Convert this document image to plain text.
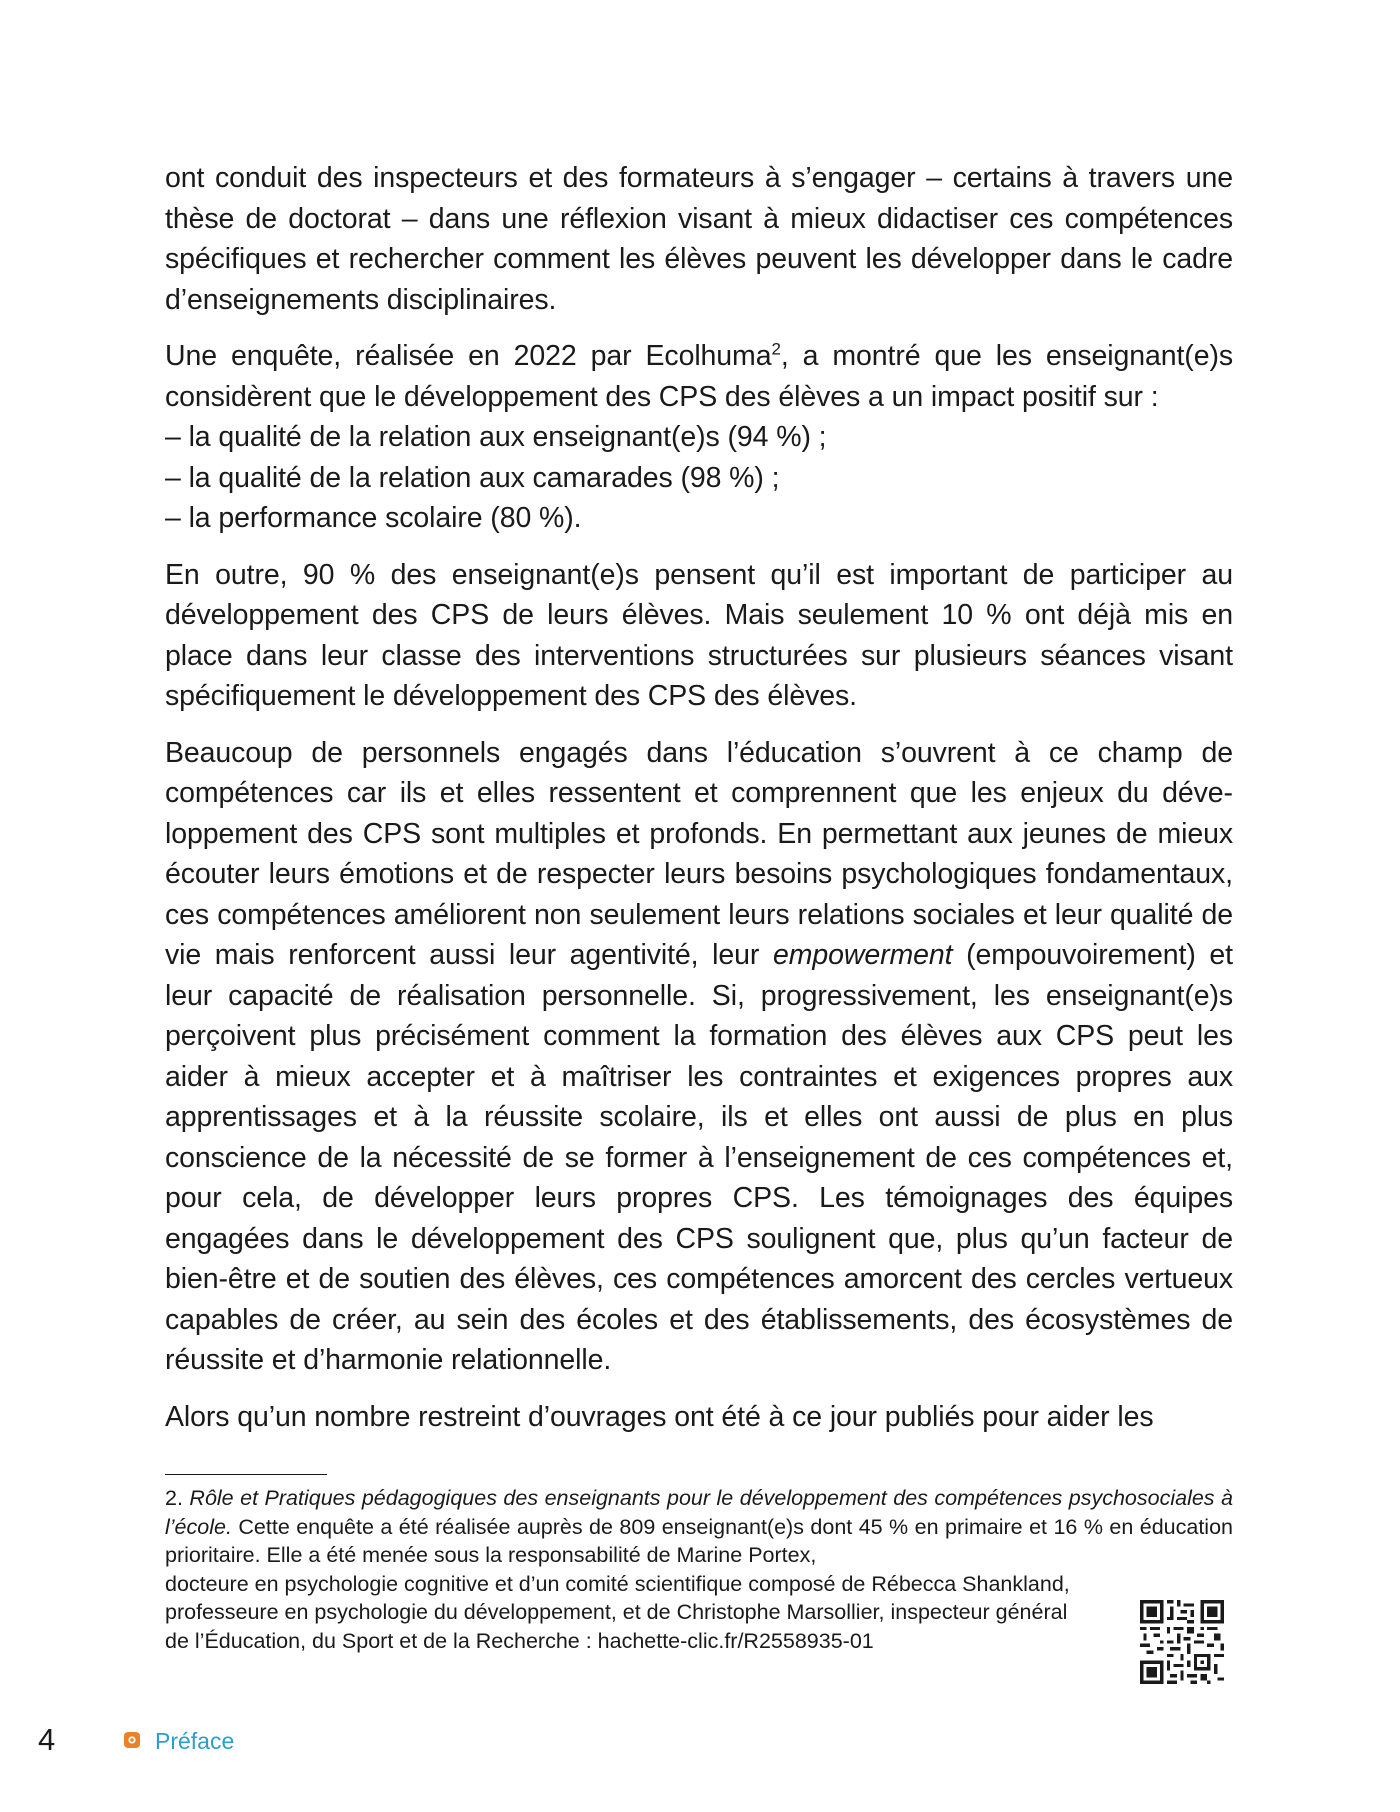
ont conduit des inspecteurs et des formateurs à s’engager – certains à travers une thèse de doctorat – dans une réflexion visant à mieux didactiser ces compétences spécifiques et rechercher comment les élèves peuvent les développer dans le cadre d’enseignements disciplinaires.

Une enquête, réalisée en 2022 par Ecolhuma$^2$, a montré que les enseignant(e)s considèrent que le développement des CPS des élèves a un impact positif sur :

– la qualité de la relation aux enseignant(e)s (94 %) ;
– la qualité de la relation aux camarades (98 %) ;
– la performance scolaire (80 %).

En outre, 90 % des enseignant(e)s pensent qu’il est important de participer au développement des CPS de leurs élèves. Mais seulement 10 % ont déjà mis en place dans leur classe des interventions structurées sur plusieurs séances visant spécifiquement le développement des CPS des élèves.

Beaucoup de personnels engagés dans l’éducation s’ouvrent à ce champ de compétences car ils et elles ressentent et comprennent que les enjeux du développement des CPS sont multiples et profonds. En permettant aux jeunes de mieux écouter leurs émotions et de respecter leurs besoins psychologiques fondamentaux, ces compétences améliorent non seulement leurs relations sociales et leur qualité de vie mais renforcent aussi leur agentivité, leur empowerment (empouvoirement) et leur capacité de réalisation personnelle. Si, progressivement, les enseignant(e)s perçoivent plus précisément comment la formation des élèves aux CPS peut les aider à mieux accepter et à maîtriser les contraintes et exigences propres aux apprentissages et à la réussite scolaire, ils et elles ont aussi de plus en plus conscience de la nécessité de se former à l’enseignement de ces compétences et, pour cela, de développer leurs propres CPS. Les témoignages des équipes engagées dans le développement des CPS soulignent que, plus qu’un facteur de bien-être et de soutien des élèves, ces compétences amorcent des cercles vertueux capables de créer, au sein des écoles et des établissements, des écosystèmes de réussite et d’harmonie relationnelle.

Alors qu’un nombre restreint d’ouvrages ont été à ce jour publiés pour aider les

2. Rôle et Pratiques pédagogiques des enseignants pour le développement des compétences psychosociales à l’école. Cette enquête a été réalisée auprès de 809 enseignant(e)s dont 45 % en primaire et 16 % en éducation prioritaire. Elle a été menée sous la responsabilité de Marine Portex,
docteure en psychologie cognitive et d’un comité scientifique composé de Rébecca Shankland,
professeure en psychologie du développement, et de Christophe Marsollier, inspecteur général
de l’Éducation, du Sport et de la Recherche : hachette-clic.fr/R2558935-01
4	Préface
